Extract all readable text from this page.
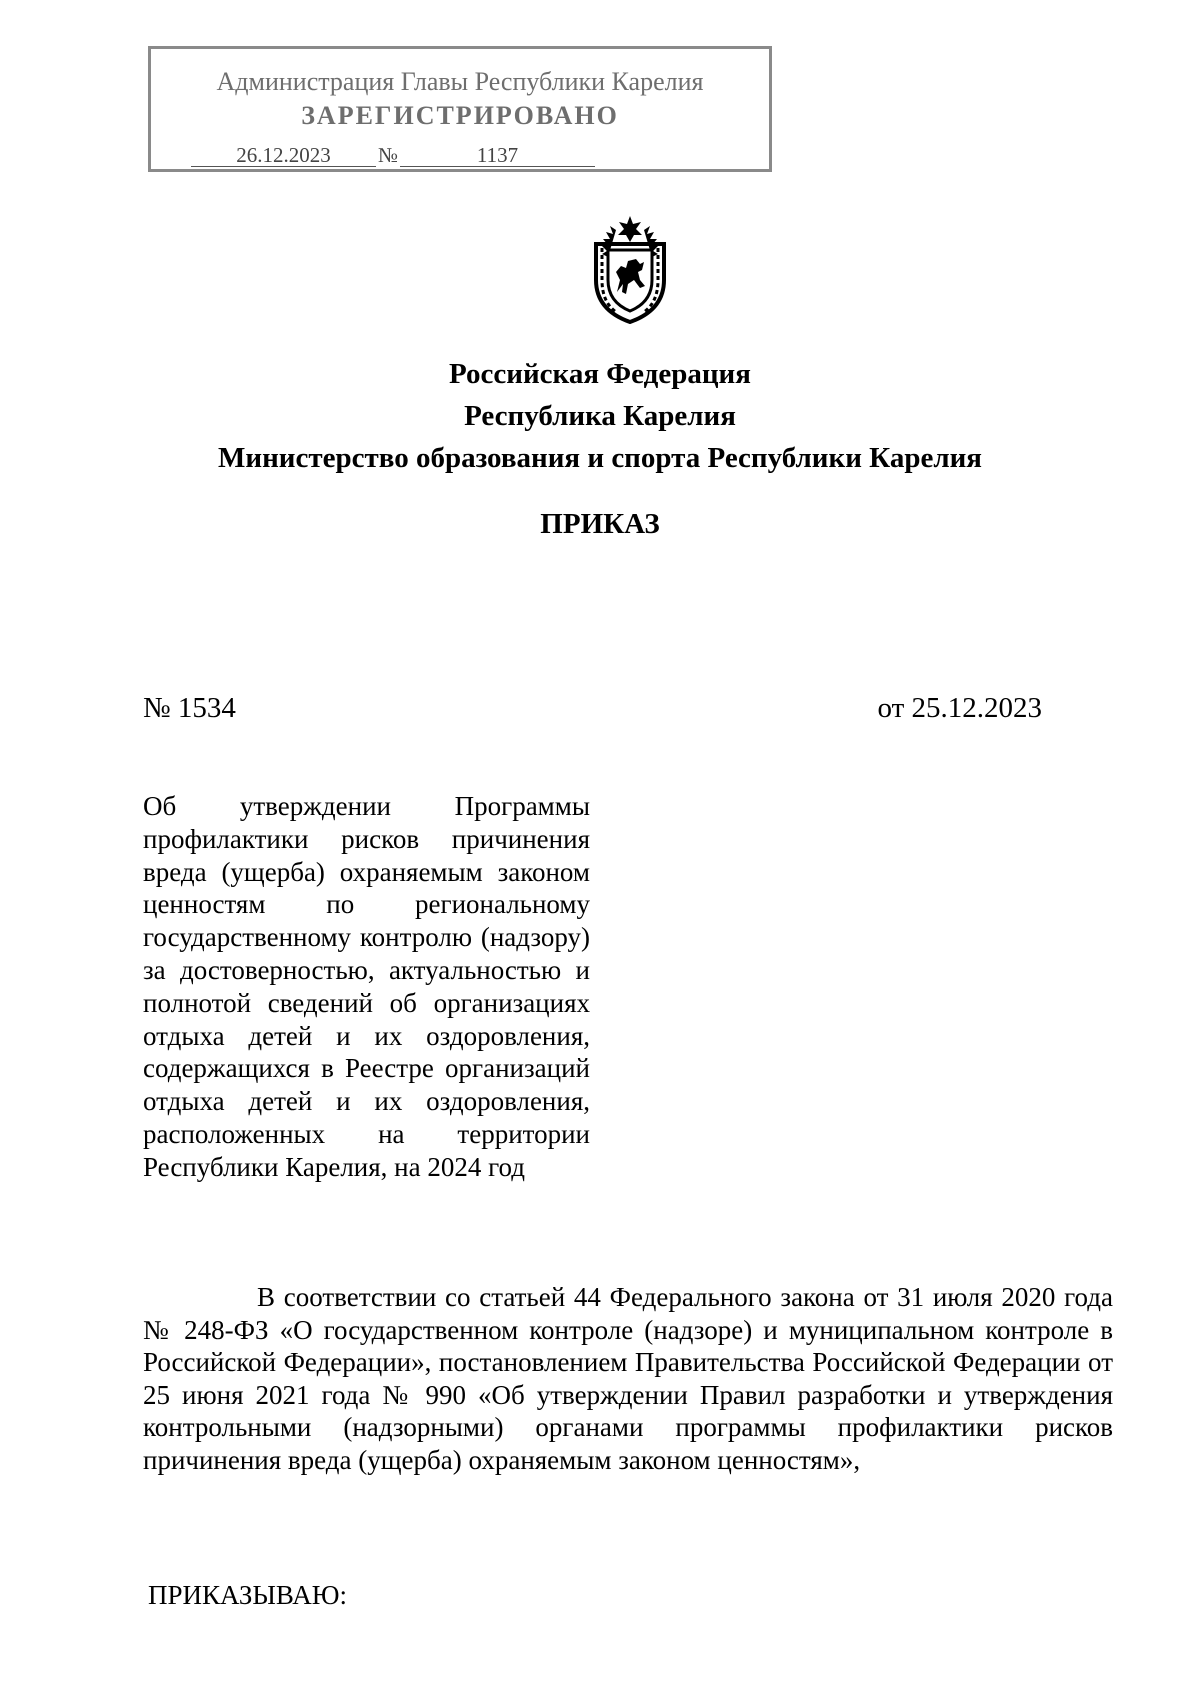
Администрация Главы Республики Карелия
ЗАРЕГИСТРИРОВАНО
26.12.2023 №	1137
Российская Федерация
Республика Карелия
Министерство образования и спорта Республики Карелия
ПРИКАЗ
№ 1534	от 25.12.2023
Об утверждении Программы профилактики рисков причинения вреда (ущерба) охраняемым законом ценностям по региональному государственному контролю (надзору) за достоверностью, актуальностью и полнотой сведений об организациях отдыха детей и их оздоровления, содержащихся в Реестре организаций отдыха детей и их оздоровления, расположенных на территории Республики Карелия, на 2024 год
В соответствии со статьей 44 Федерального закона от 31 июля 2020 года № 248-ФЗ «О государственном контроле (надзоре) и муниципальном контроле в Российской Федерации», постановлением Правительства Российской Федерации от 25 июня 2021 года № 990 «Об утверждении Правил разработки и утверждения контрольными (надзорными) органами программы профилактики рисков причинения вреда (ущерба) охраняемым законом ценностям»,
ПРИКАЗЫВАЮ:
